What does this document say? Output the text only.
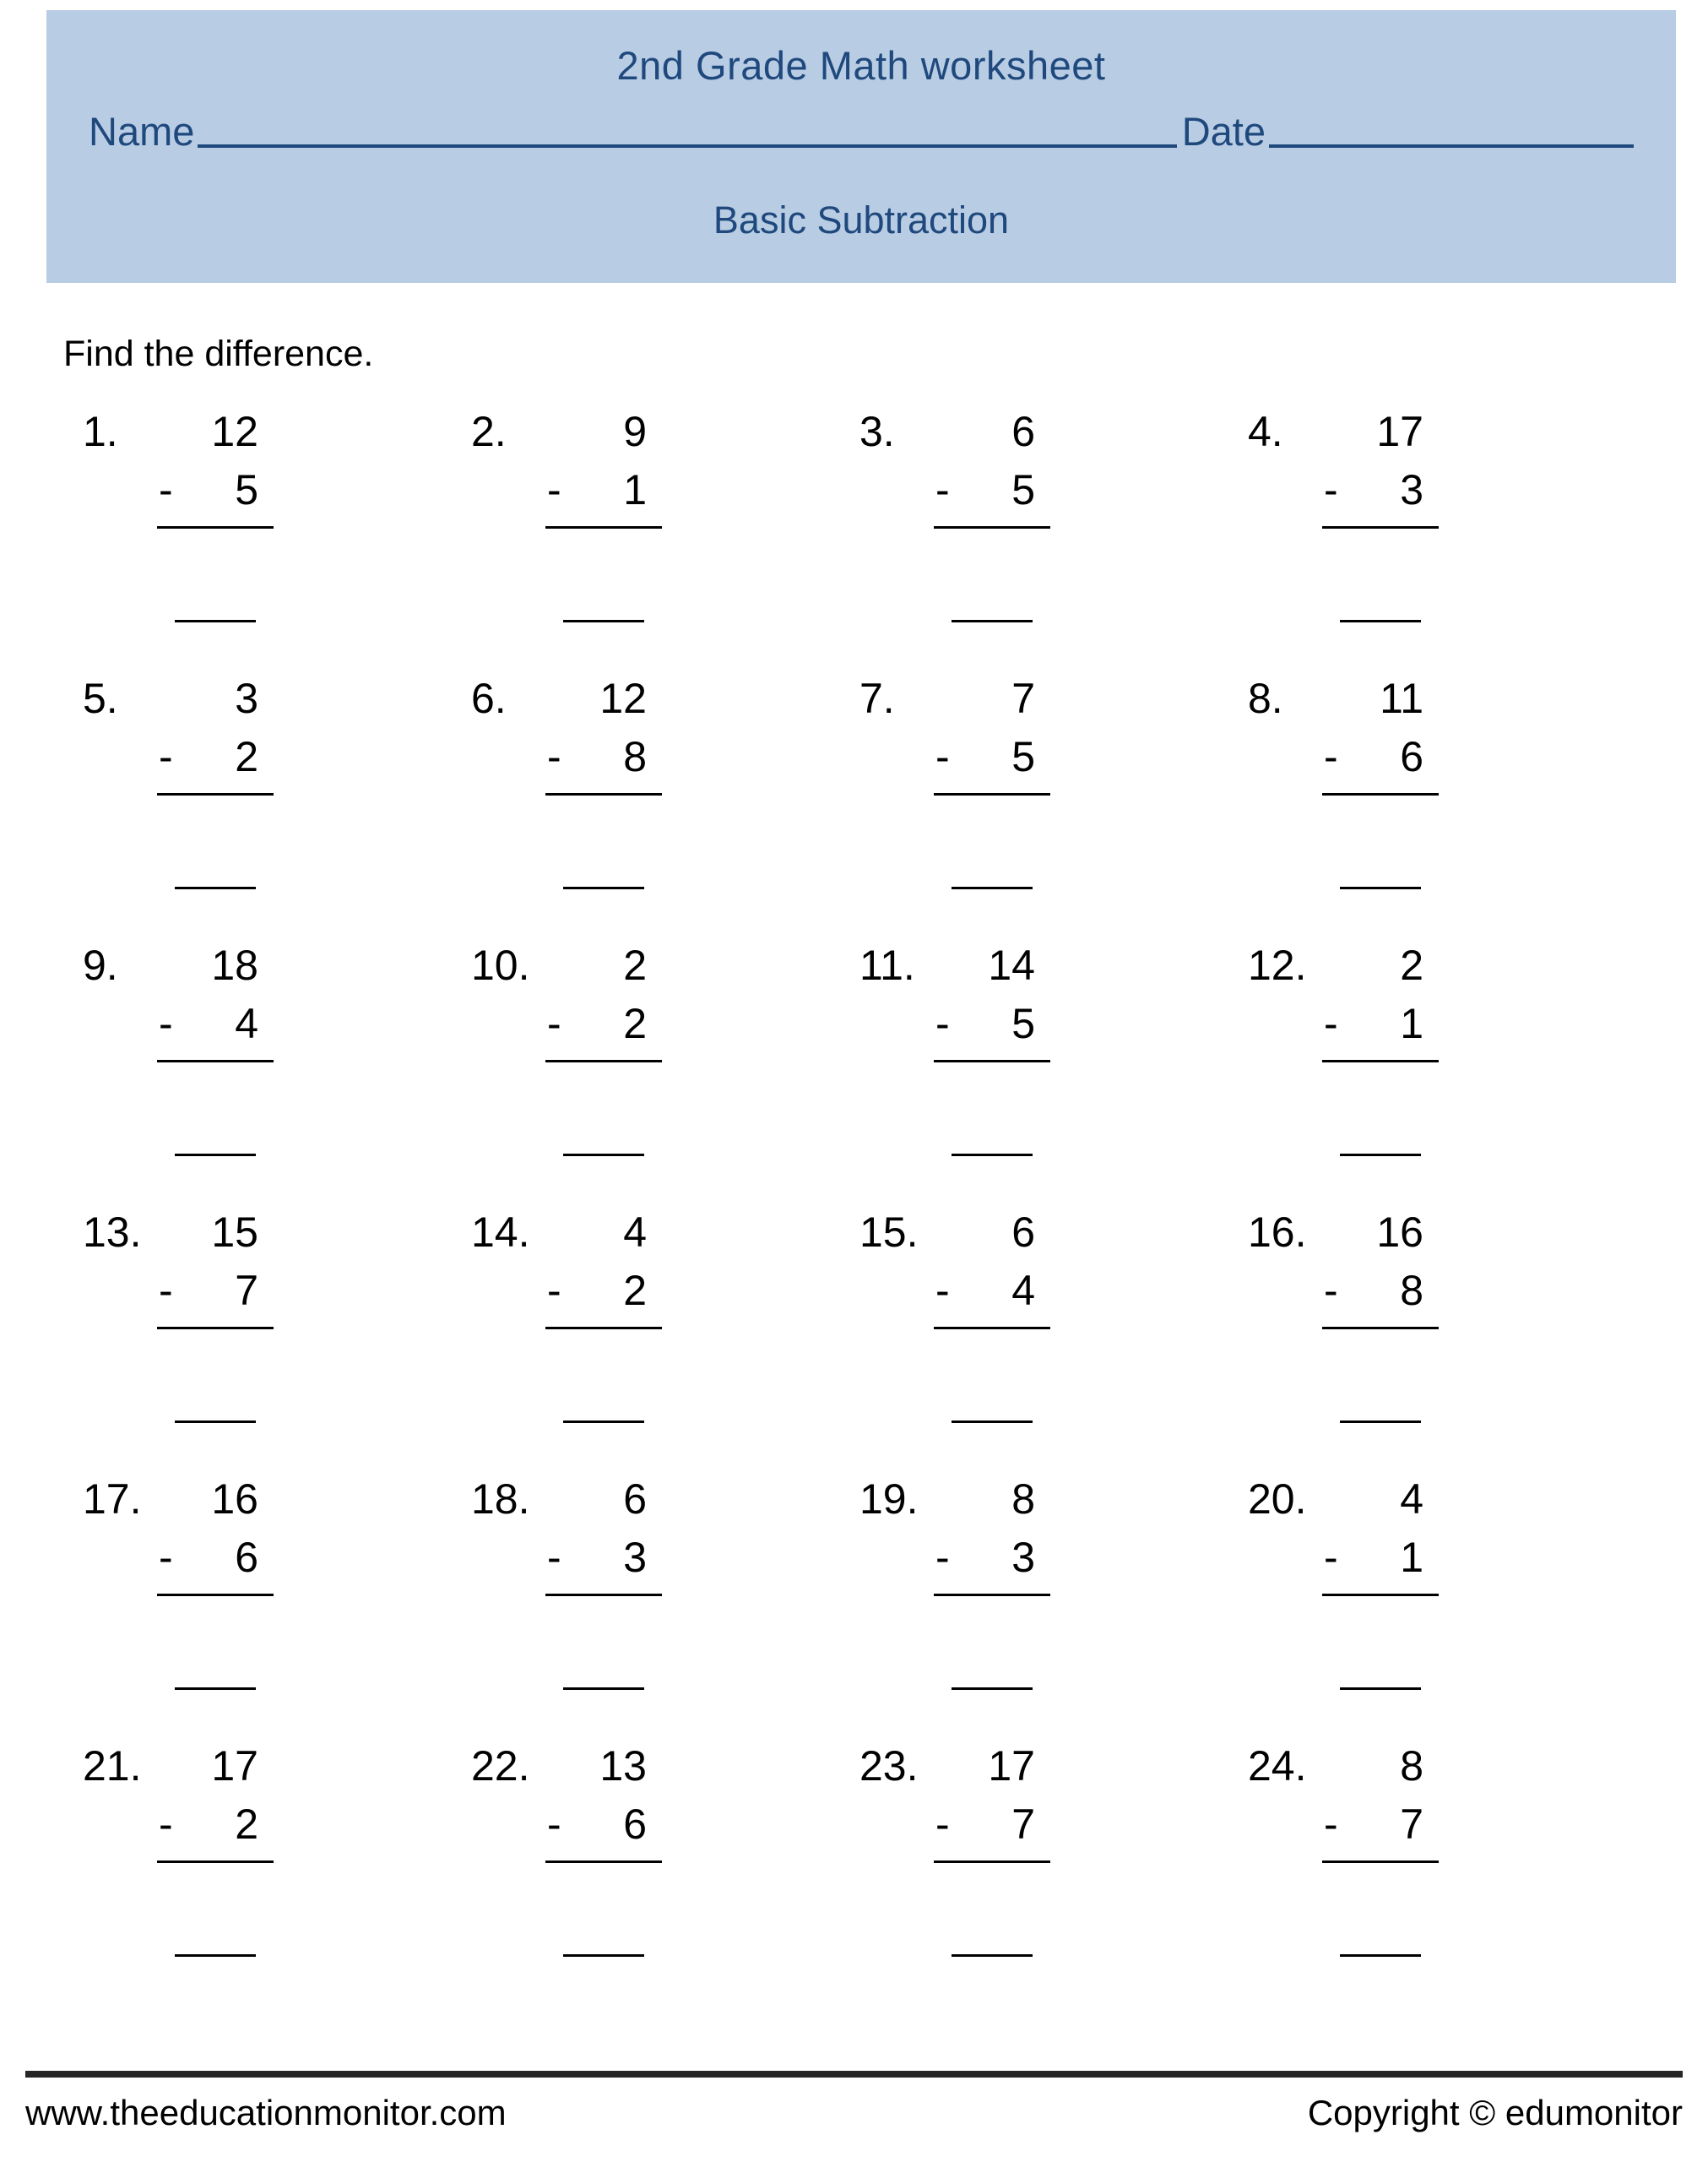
2nd Grade Math worksheet
Name	Date
Basic Subtraction
Find the difference.
1.	12
-	5
2.	9
-	1
3.	6
-	5
4.	17
-	3
5.	3
-	2
6.	12
-	8
7.	7
-	5
8.	11
-	6
9.	18
-	4
10.	2
-	2
11.	14
-	5
12.	2
-	1
13.	15
-	7
14.	4
-	2
15.	6
-	4
16.	16
-	8
17.	16
-	6
18.	6
-	3
19.	8
-	3
20.	4
-	1
21.	17
-	2
22.	13
-	6
23.	17
-	7
24.	8
-	7
www.theeducationmonitor.com	Copyright © edumonitor
